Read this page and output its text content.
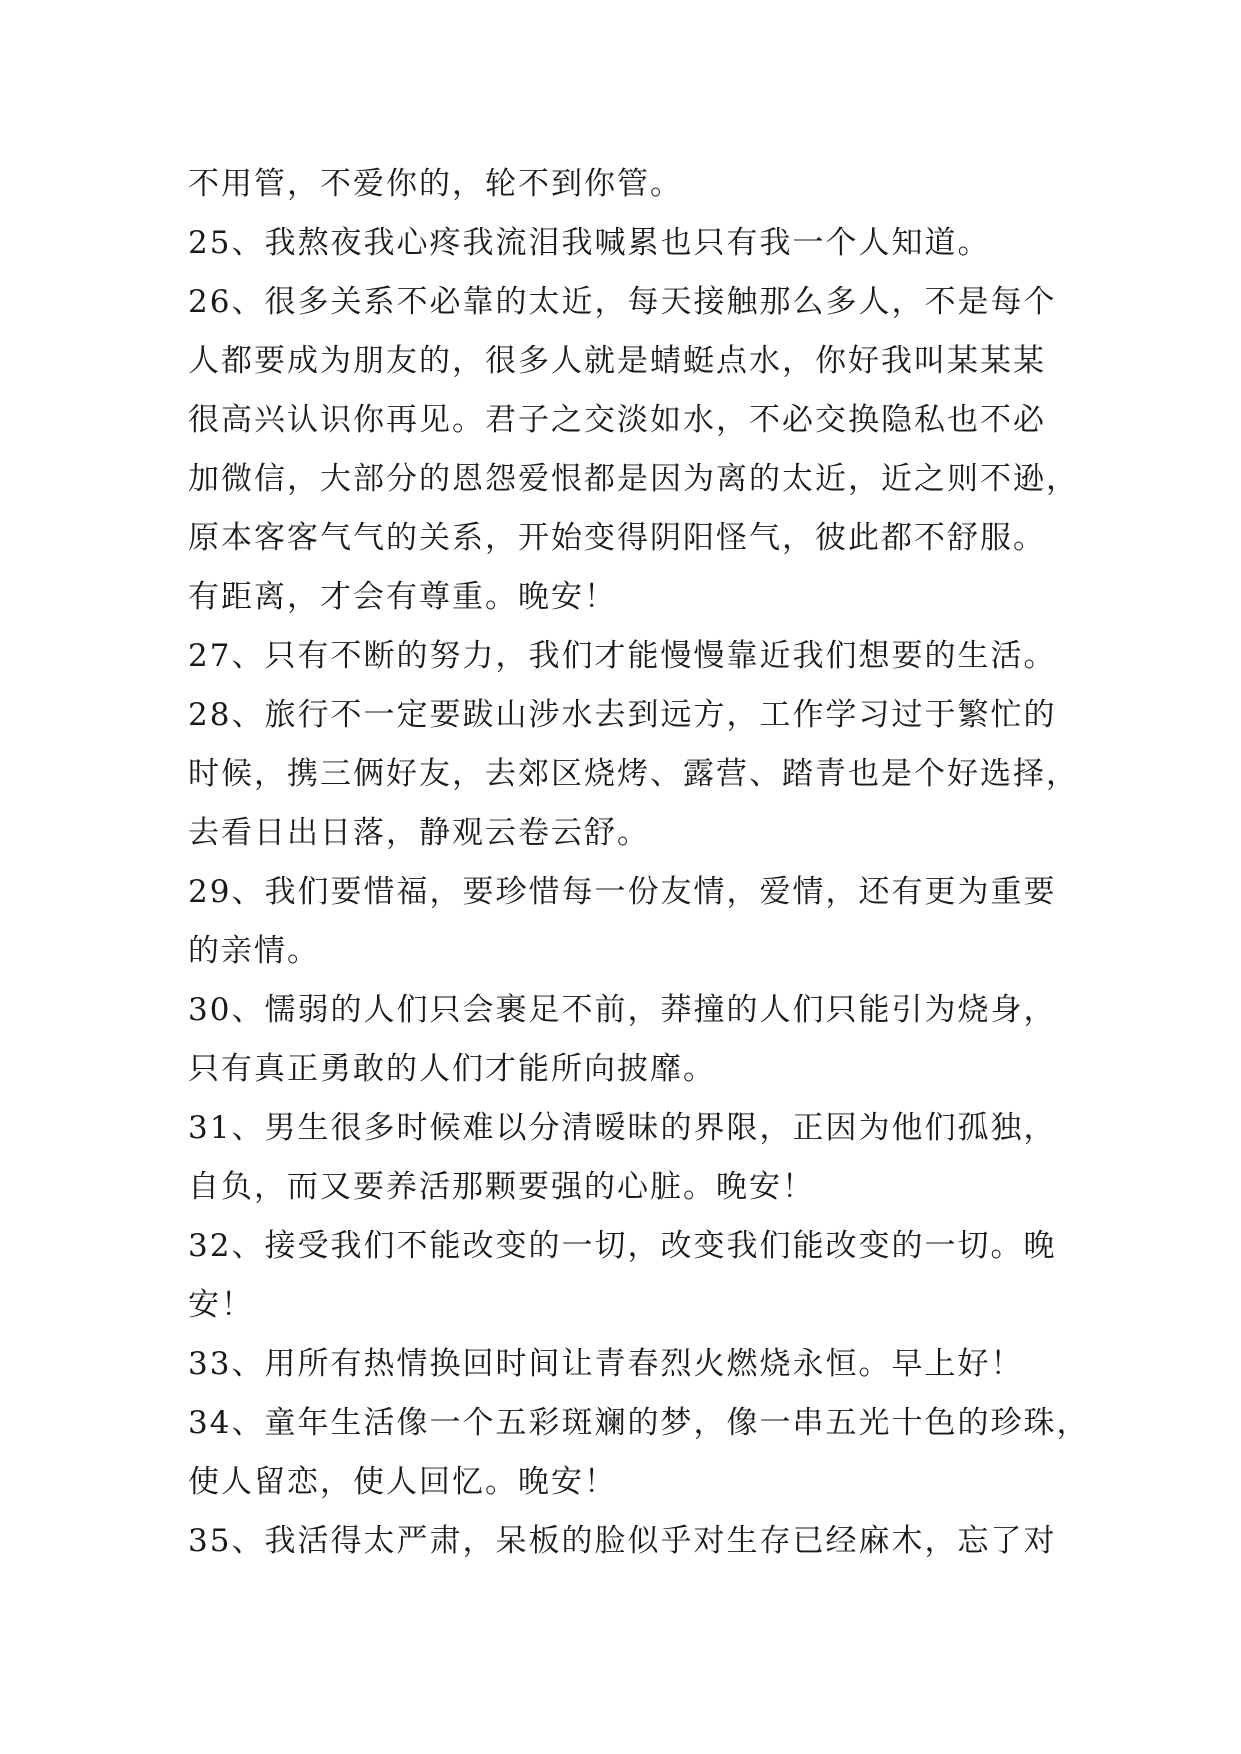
不用管，不爱你的，轮不到你管。
25、我熬夜我心疼我流泪我喊累也只有我一个人知道。
26、很多关系不必靠的太近，每天接触那么多人，不是每个
人都要成为朋友的，很多人就是蜻蜓点水，你好我叫某某某
很高兴认识你再见。君子之交淡如水，不必交换隐私也不必
加微信，大部分的恩怨爱恨都是因为离的太近，近之则不逊，
原本客客气气的关系，开始变得阴阳怪气，彼此都不舒服。
有距离，才会有尊重。晚安！
27、只有不断的努力，我们才能慢慢靠近我们想要的生活。
28、旅行不一定要跋山涉水去到远方，工作学习过于繁忙的
时候，携三俩好友，去郊区烧烤、露营、踏青也是个好选择，
去看日出日落，静观云卷云舒。
29、我们要惜福，要珍惜每一份友情，爱情，还有更为重要
的亲情。
30、懦弱的人们只会裹足不前，莽撞的人们只能引为烧身，
只有真正勇敢的人们才能所向披靡。
31、男生很多时候难以分清暧昧的界限，正因为他们孤独，
自负，而又要养活那颗要强的心脏。晚安！
32、接受我们不能改变的一切，改变我们能改变的一切。晚
安！
33、用所有热情换回时间让青春烈火燃烧永恒。早上好！
34、童年生活像一个五彩斑斓的梦，像一串五光十色的珍珠，
使人留恋，使人回忆。晚安！
35、我活得太严肃，呆板的脸似乎对生存已经麻木，忘了对
